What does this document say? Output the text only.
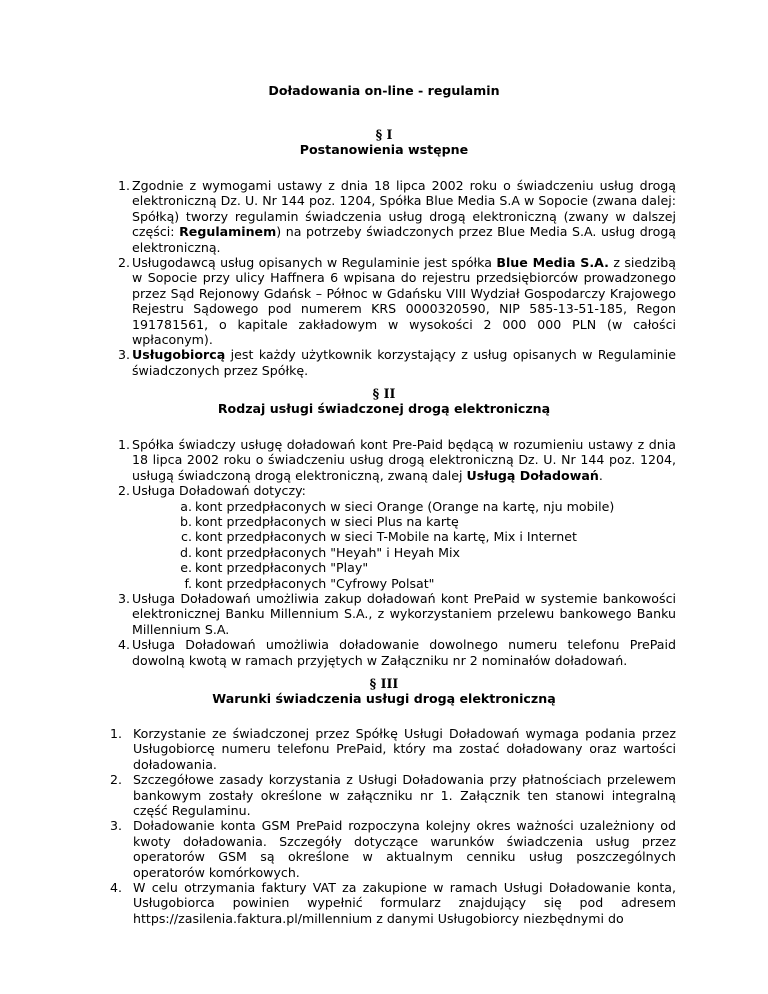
Doładowania on-line - regulamin
§ I
Postanowienia wstępne
1 . Zgodnie z wymogami ustawy z dnia 18 lipca 2002 roku o świadczeniu usług drogą elektroniczną Dz. U. Nr 144 poz. 1204, Spółka Blue Media S.A w Sopocie (zwana dalej: Spółką) tworzy regulamin świadczenia usług drogą elektroniczną (zwany w dalszej części: Regulaminem) na potrzeby świadczonych przez Blue Media S.A. usług drogą elektroniczną.
2 . Usługodawcą usług opisanych w Regulaminie jest spółka Blue Media S.A. z siedzibą w Sopocie przy ulicy Haffnera 6 wpisana do rejestru przedsiębiorców prowadzonego przez Sąd Rejonowy Gdańsk – Północ w Gdańsku VIII Wydział Gospodarczy Krajowego Rejestru Sądowego pod numerem KRS 0000320590, NIP 585-13-51-185, Regon 191781561, o kapitale zakładowym w wysokości 2 000 000 PLN (w całości wpłaconym).
3 . Usługobiorcą jest każdy użytkownik korzystający z usług opisanych w Regulaminie świadczonych przez Spółkę.
§ II
Rodzaj usługi świadczonej drogą elektroniczną
1 . Spółka świadczy usługę doładowań kont Pre-Paid będącą w rozumieniu ustawy z dnia 18 lipca 2002 roku o świadczeniu usług drogą elektroniczną Dz. U. Nr 144 poz. 1204, usługą świadczoną drogą elektroniczną, zwaną dalej Usługą Doładowań.
2 . Usługa Doładowań dotyczy:
a . kont przedpłaconych w sieci Orange (Orange na kartę, nju mobile)
b . kont przedpłaconych w sieci Plus na kartę
c . kont przedpłaconych w sieci T-Mobile na kartę, Mix i Internet
d . kont przedpłaconych "Heyah" i Heyah Mix
e . kont przedpłaconych "Play"
f . kont przedpłaconych "Cyfrowy Polsat"
3 . Usługa Doładowań umożliwia zakup doładowań kont PrePaid w systemie bankowości elektronicznej Banku Millennium S.A., z wykorzystaniem przelewu bankowego Banku Millennium S.A.
4 . Usługa Doładowań umożliwia doładowanie dowolnego numeru telefonu PrePaid dowolną kwotą w ramach przyjętych w Załączniku nr 2 nominałów doładowań.
§ III
Warunki świadczenia usługi drogą elektroniczną
1 .	Korzystanie ze świadczonej przez Spółkę Usługi Doładowań wymaga podania przez Usługobiorcę numeru telefonu PrePaid, który ma zostać doładowany oraz wartości doładowania.
2 .	Szczegółowe zasady korzystania z Usługi Doładowania przy płatnościach przelewem bankowym zostały określone w załączniku nr 1. Załącznik ten stanowi integralną część Regulaminu.
3 .	Doładowanie konta GSM PrePaid rozpoczyna kolejny okres ważności uzależniony od kwoty doładowania. Szczegóły dotyczące warunków świadczenia usług przez operatorów GSM są określone w aktualnym cenniku usług poszczególnych operatorów komórkowych.
4 .	W celu otrzymania faktury VAT za zakupione w ramach Usługi Doładowanie konta, Usługobiorca powinien wypełnić formularz znajdujący się pod adresem https://zasilenia.faktura.pl/millennium z danymi Usługobiorcy niezbędnymi do
